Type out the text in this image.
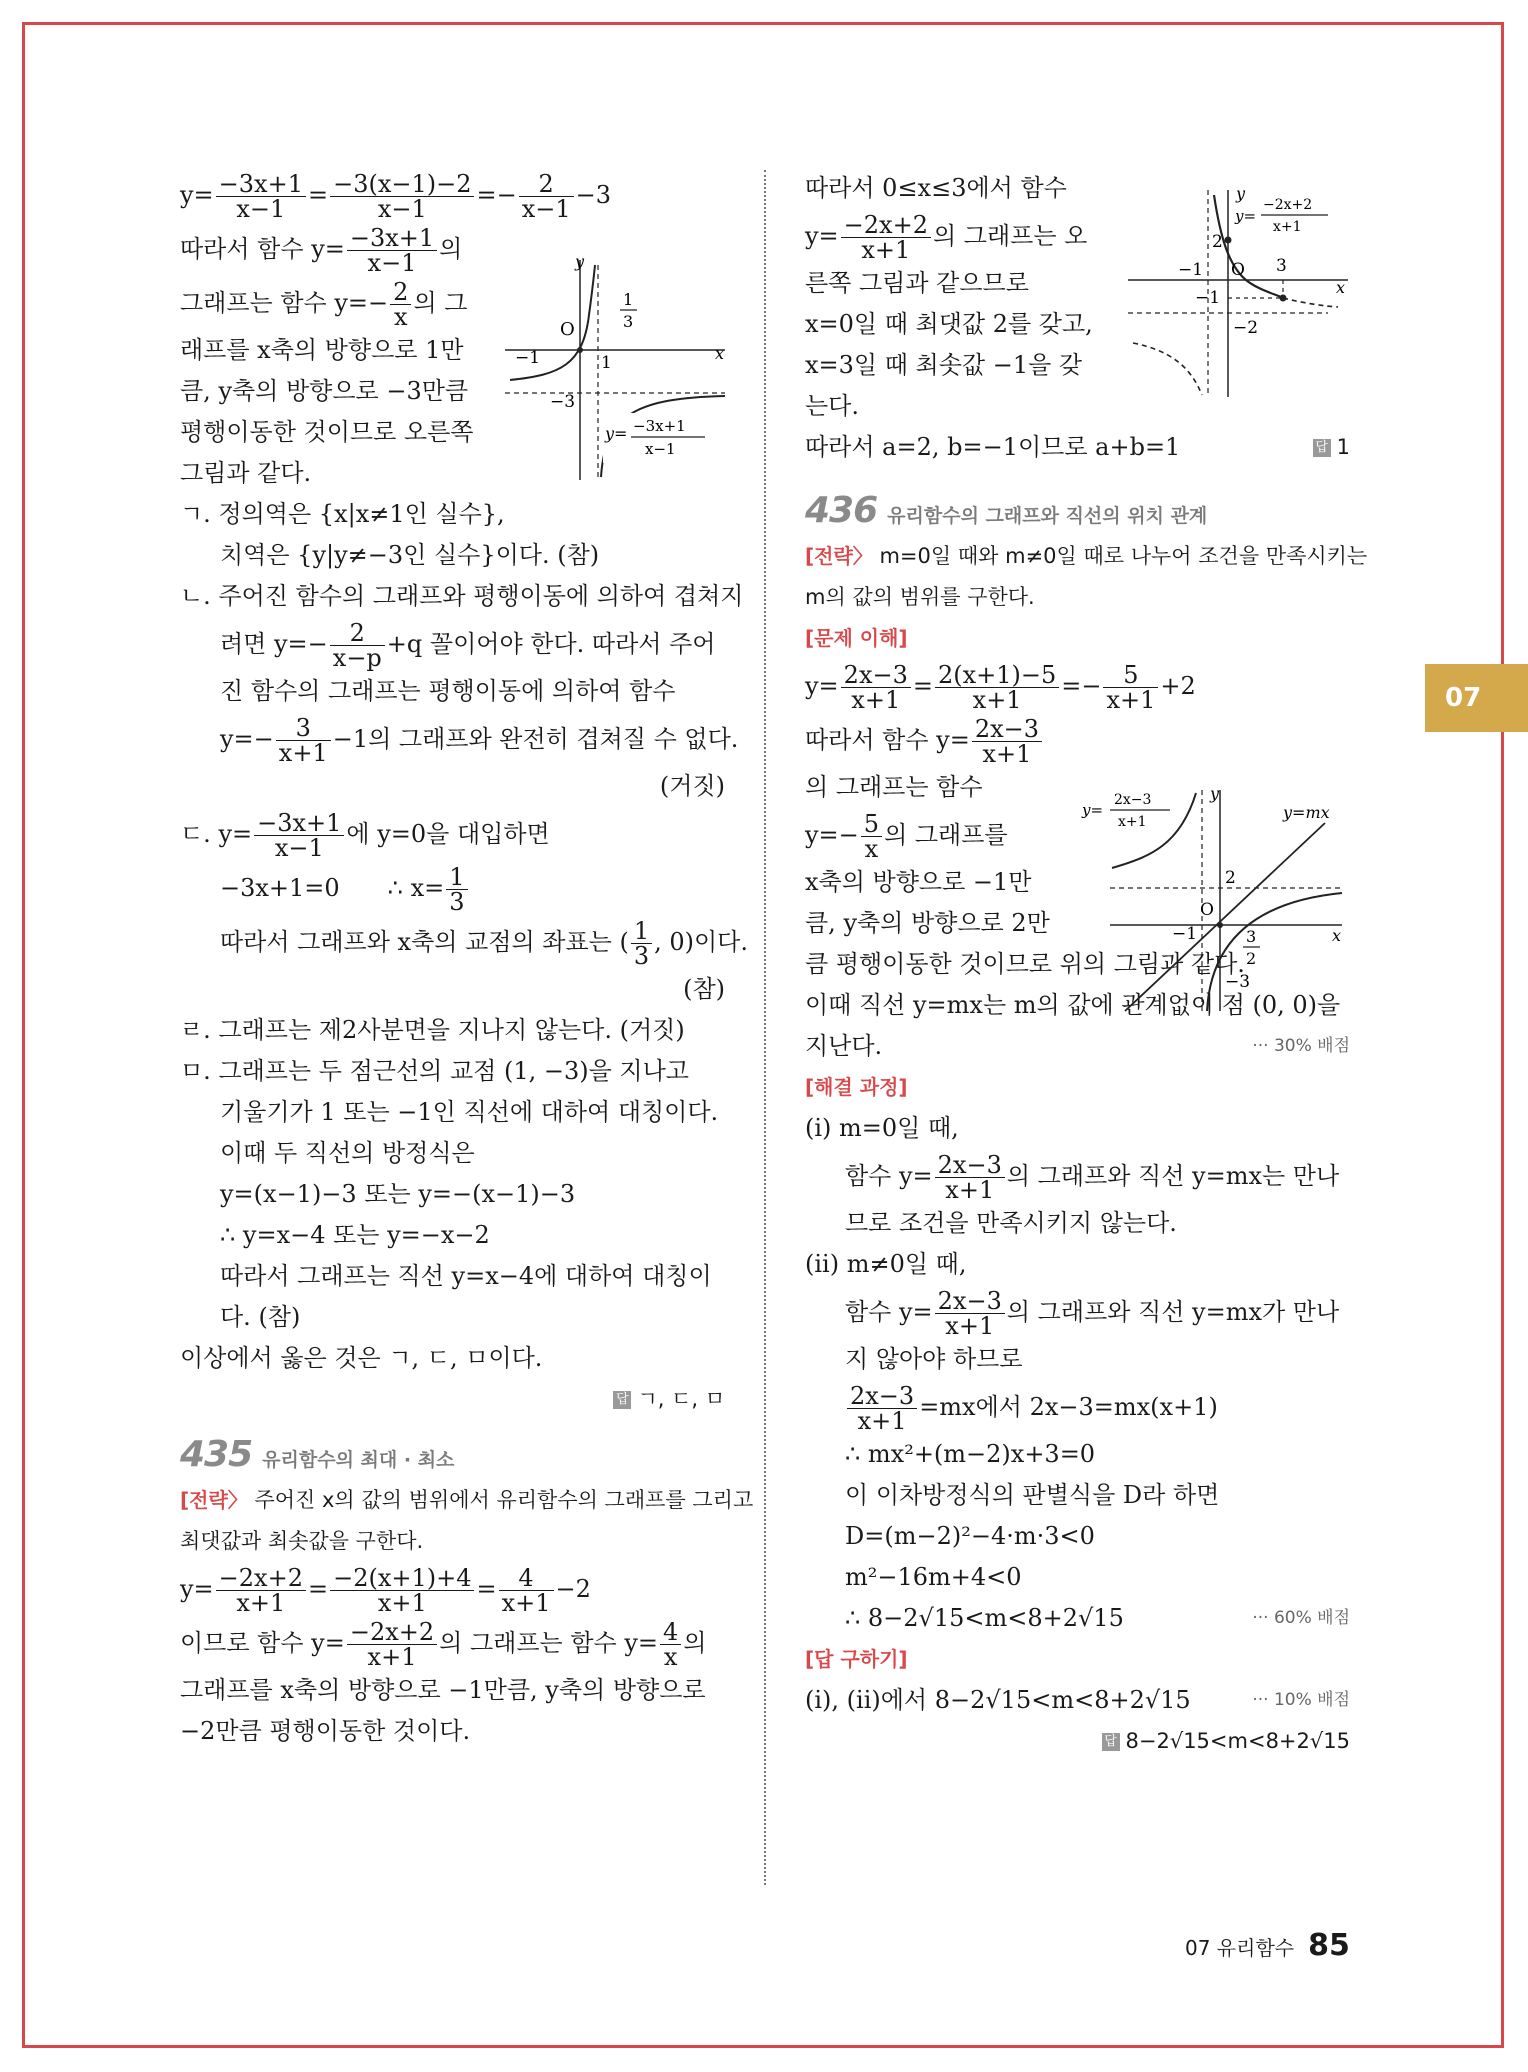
07
$y= \frac{-3x+1}{x-1} = \frac{-3(x-1)-2}{x-1} =- \frac{2}{x-1} -3$
따라서 함수 $y= \frac{-3x+1}{x-1}$ 의
그래프는 함수 $y=- \frac{2}{x}$ 의 그
래프를 x축의 방향으로 1만
큼, y축의 방향으로 −3만큼
평행이동한 것이므로 오른쪽
그림과 같다.
ㄱ. 정의역은 {x|x≠1인 실수},
치역은 {y|y≠−3인 실수}이다. (참)
ㄴ. 주어진 함수의 그래프와 평행이동에 의하여 겹쳐지
려면 $y=- \frac{2}{x-p} +q$ 꼴이어야 한다. 따라서 주어
진 함수의 그래프는 평행이동에 의하여 함수
$y=- \frac{3}{x+1} -1$의 그래프와 완전히 겹쳐질 수 없다.
(거짓)
ㄷ. $y= \frac{-3x+1}{x-1}$ 에 y=0을 대입하면
−3x+1=0 ∴ $x= \frac{1}{3}$
따라서 그래프와 x축의 교점의 좌표는 ( $\frac{1}{3}$ , 0)이다.
(참)
ㄹ. 그래프는 제2사분면을 지나지 않는다. (거짓)
ㅁ. 그래프는 두 점근선의 교점 (1, −3)을 지나고
기울기가 1 또는 −1인 직선에 대하여 대칭이다.
이때 두 직선의 방정식은
y=(x−1)−3 또는 y=−(x−1)−3
∴ y=x−4 또는 y=−x−2
따라서 그래프는 직선 y=x−4에 대하여 대칭이
다. (참)
이상에서 옳은 것은 ㄱ, ㄷ, ㅁ이다.
답 ㄱ, ㄷ, ㅁ
435 유리함수의 최대 · 최소
[전략〉 주어진 x의 값의 범위에서 유리함수의 그래프를 그리고
최댓값과 최솟값을 구한다.
$y= \frac{-2x+2}{x+1} = \frac{-2(x+1)+4}{x+1} = \frac{4}{x+1} -2$
이므로 함수 $y= \frac{-2x+2}{x+1}$ 의 그래프는 함수 $y= \frac{4}{x}$ 의
그래프를 x축의 방향으로 −1만큼, y축의 방향으로
−2만큼 평행이동한 것이다.
y
x
O
−1	1
−3
1
3
y= −3x+1
x−1
따라서 0≤x≤3에서 함수
$y= \frac{-2x+2}{x+1}$ 의 그래프는 오
른쪽 그림과 같으므로
x=0일 때 최댓값 2를 갖고,
x=3일 때 최솟값 −1을 갖
는다.
따라서 a=2, b=−1이므로 a+b=1	답 1
436 유리함수의 그래프와 직선의 위치 관계
[전략〉 m=0일 때와 m≠0일 때로 나누어 조건을 만족시키는
m의 값의 범위를 구한다.
[문제 이해]
$y= \frac{2x-3}{x+1} = \frac{2(x+1)-5}{x+1} =- \frac{5}{x+1} +2$
따라서 함수 $y= \frac{2x-3}{x+1}$
의 그래프는 함수
$y=- \frac{5}{x}$ 의 그래프를
x축의 방향으로 −1만
큼, y축의 방향으로 2만
큼 평행이동한 것이므로 위의 그림과 같다.
이때 직선 y=mx는 m의 값에 관계없이 점 (0, 0)을
지난다.	··· 30% 배점
[해결 과정]
(i) m=0일 때,
함수 $y= \frac{2x-3}{x+1}$ 의 그래프와 직선 y=mx는 만나
므로 조건을 만족시키지 않는다.
(ii) m≠0일 때,
함수 $y= \frac{2x-3}{x+1}$ 의 그래프와 직선 y=mx가 만나
지 않아야 하므로
$\frac{2x-3}{x+1} =mx$에서 2x−3=mx(x+1)
∴ mx²+(m−2)x+3=0
이 이차방정식의 판별식을 D라 하면
D=(m−2)²−4·m·3<0
m²−16m+4<0
∴ 8−2√15<m<8+2√15	··· 60% 배점
[답 구하기]
(i), (ii)에서 8−2√15<m<8+2√15	··· 10% 배점
답 8−2√15<m<8+2√15
y
x
O
−1
2
3
−1
−2
y=
−2x+2
x+1
y
x
O
−1
2
−3
3
2
y=
2x−3
x+1	y=mx
07 유리함수 85
